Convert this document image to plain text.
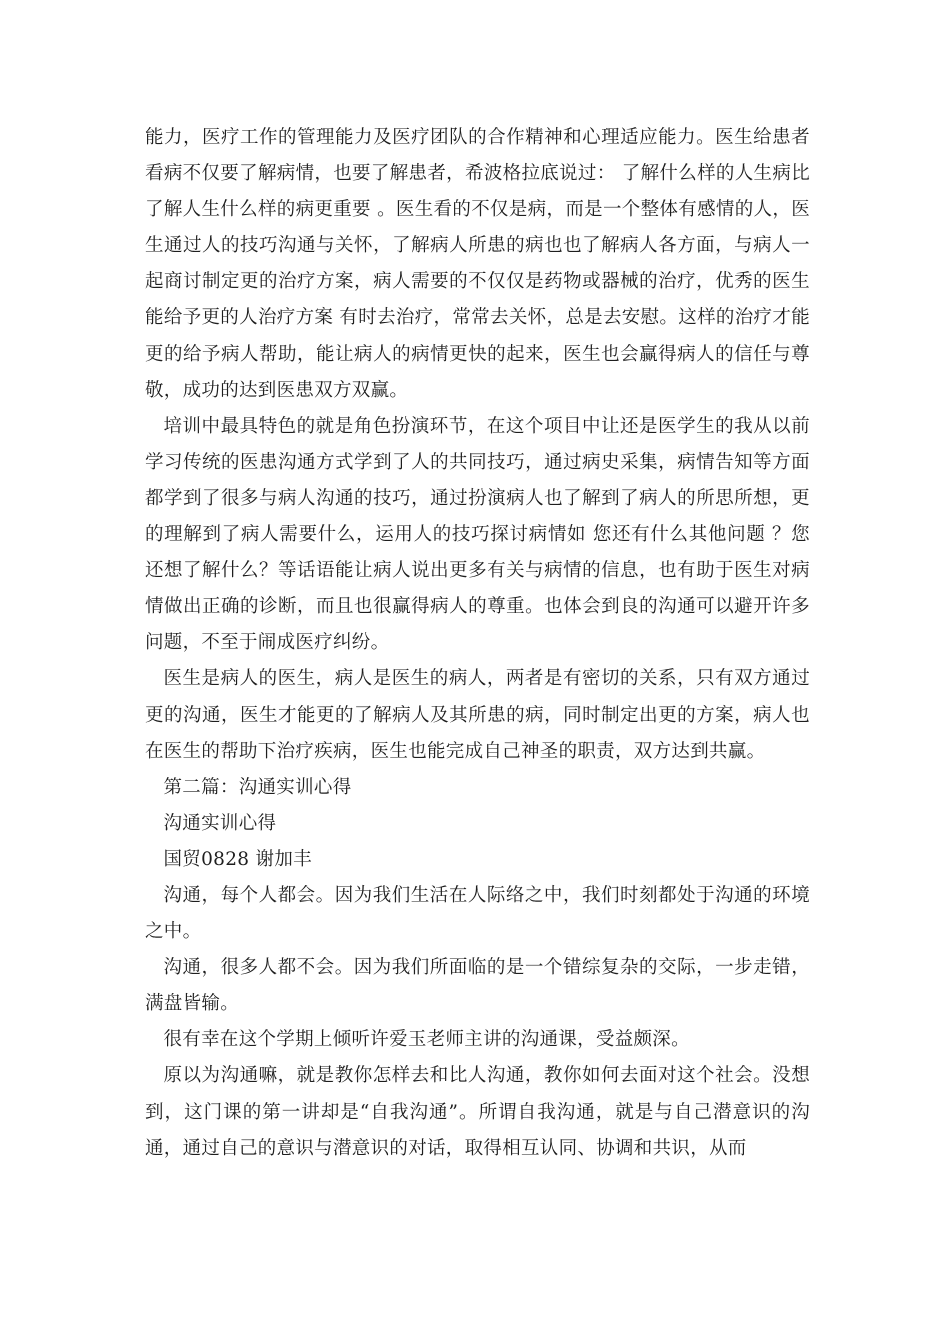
能力，医疗工作的管理能力及医疗团队的合作精神和心理适应能力。医生给患者看病不仅要了解病情，也要了解患者，希波格拉底说过： 了解什么样的人生病比了解人生什么样的病更重要 。医生看的不仅是病，而是一个整体有感情的人，医生通过人的技巧沟通与关怀，了解病人所患的病也也了解病人各方面，与病人一起商讨制定更的治疗方案，病人需要的不仅仅是药物或器械的治疗，优秀的医生能给予更的人治疗方案 有时去治疗，常常去关怀，总是去安慰。这样的治疗才能更的给予病人帮助，能让病人的病情更快的起来，医生也会赢得病人的信任与尊敬，成功的达到医患双方双赢。

培训中最具特色的就是角色扮演环节，在这个项目中让还是医学生的我从以前学习传统的医患沟通方式学到了人的共同技巧，通过病史采集，病情告知等方面都学到了很多与病人沟通的技巧，通过扮演病人也了解到了病人的所思所想，更的理解到了病人需要什么，运用人的技巧探讨病情如 您还有什么其他问题 ？您还想了解什么？等话语能让病人说出更多有关与病情的信息，也有助于医生对病情做出正确的诊断，而且也很赢得病人的尊重。也体会到良的沟通可以避开许多问题，不至于闹成医疗纠纷。

医生是病人的医生，病人是医生的病人，两者是有密切的关系，只有双方通过更的沟通，医生才能更的了解病人及其所患的病，同时制定出更的方案，病人也在医生的帮助下治疗疾病，医生也能完成自己神圣的职责，双方达到共赢。

第二篇：沟通实训心得

沟通实训心得

国贸0828 谢加丰

沟通，每个人都会。因为我们生活在人际络之中，我们时刻都处于沟通的环境之中。

沟通，很多人都不会。因为我们所面临的是一个错综复杂的交际，一步走错，满盘皆输。

很有幸在这个学期上倾听许爱玉老师主讲的沟通课，受益颇深。

原以为沟通嘛，就是教你怎样去和比人沟通，教你如何去面对这个社会。没想到，这门课的第一讲却是“自我沟通”。所谓自我沟通，就是与自己潜意识的沟通，通过自己的意识与潜意识的对话，取得相互认同、协调和共识，从而
